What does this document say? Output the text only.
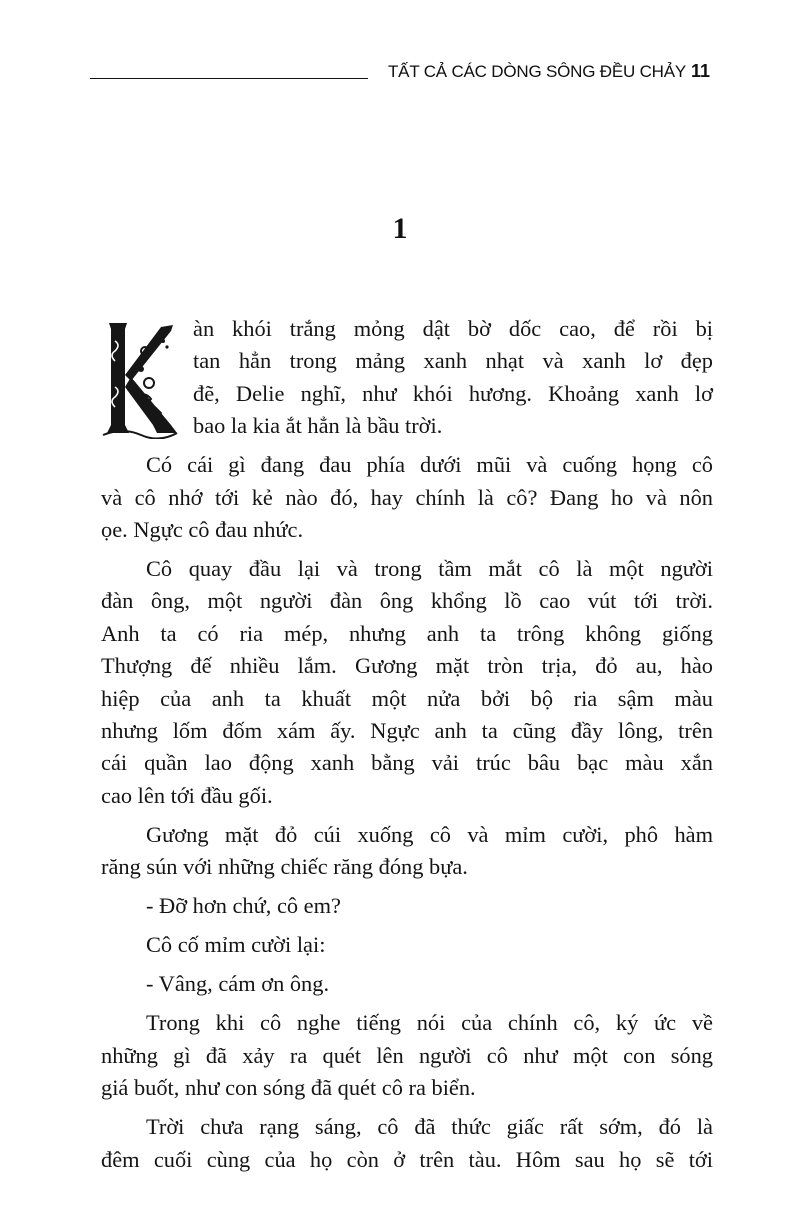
TẤT CẢ CÁC DÒNG SÔNG ĐỀU CHẢY 11
1
àn khói trắng mỏng dật bờ dốc cao, để rồi bị
tan hẳn trong mảng xanh nhạt và xanh lơ đẹp
đẽ, Delie nghĩ, như khói hương. Khoảng xanh lơ
bao la kia ắt hẳn là bầu trời.
Có cái gì đang đau phía dưới mũi và cuống họng cô
và cô nhớ tới kẻ nào đó, hay chính là cô? Đang ho và nôn
ọe. Ngực cô đau nhức.
Cô quay đầu lại và trong tầm mắt cô là một người
đàn ông, một người đàn ông khổng lồ cao vút tới trời.
Anh ta có ria mép, nhưng anh ta trông không giống
Thượng đế nhiều lắm. Gương mặt tròn trịa, đỏ au, hào
hiệp của anh ta khuất một nửa bởi bộ ria sậm màu
nhưng lốm đốm xám ấy. Ngực anh ta cũng đầy lông, trên
cái quần lao động xanh bằng vải trúc bâu bạc màu xắn
cao lên tới đầu gối.
Gương mặt đỏ cúi xuống cô và mỉm cười, phô hàm
răng sún với những chiếc răng đóng bựa.
- Đỡ hơn chứ, cô em?
Cô cố mỉm cười lại:
- Vâng, cám ơn ông.
Trong khi cô nghe tiếng nói của chính cô, ký ức về
những gì đã xảy ra quét lên người cô như một con sóng
giá buốt, như con sóng đã quét cô ra biển.
Trời chưa rạng sáng, cô đã thức giấc rất sớm, đó là
đêm cuối cùng của họ còn ở trên tàu. Hôm sau họ sẽ tới
